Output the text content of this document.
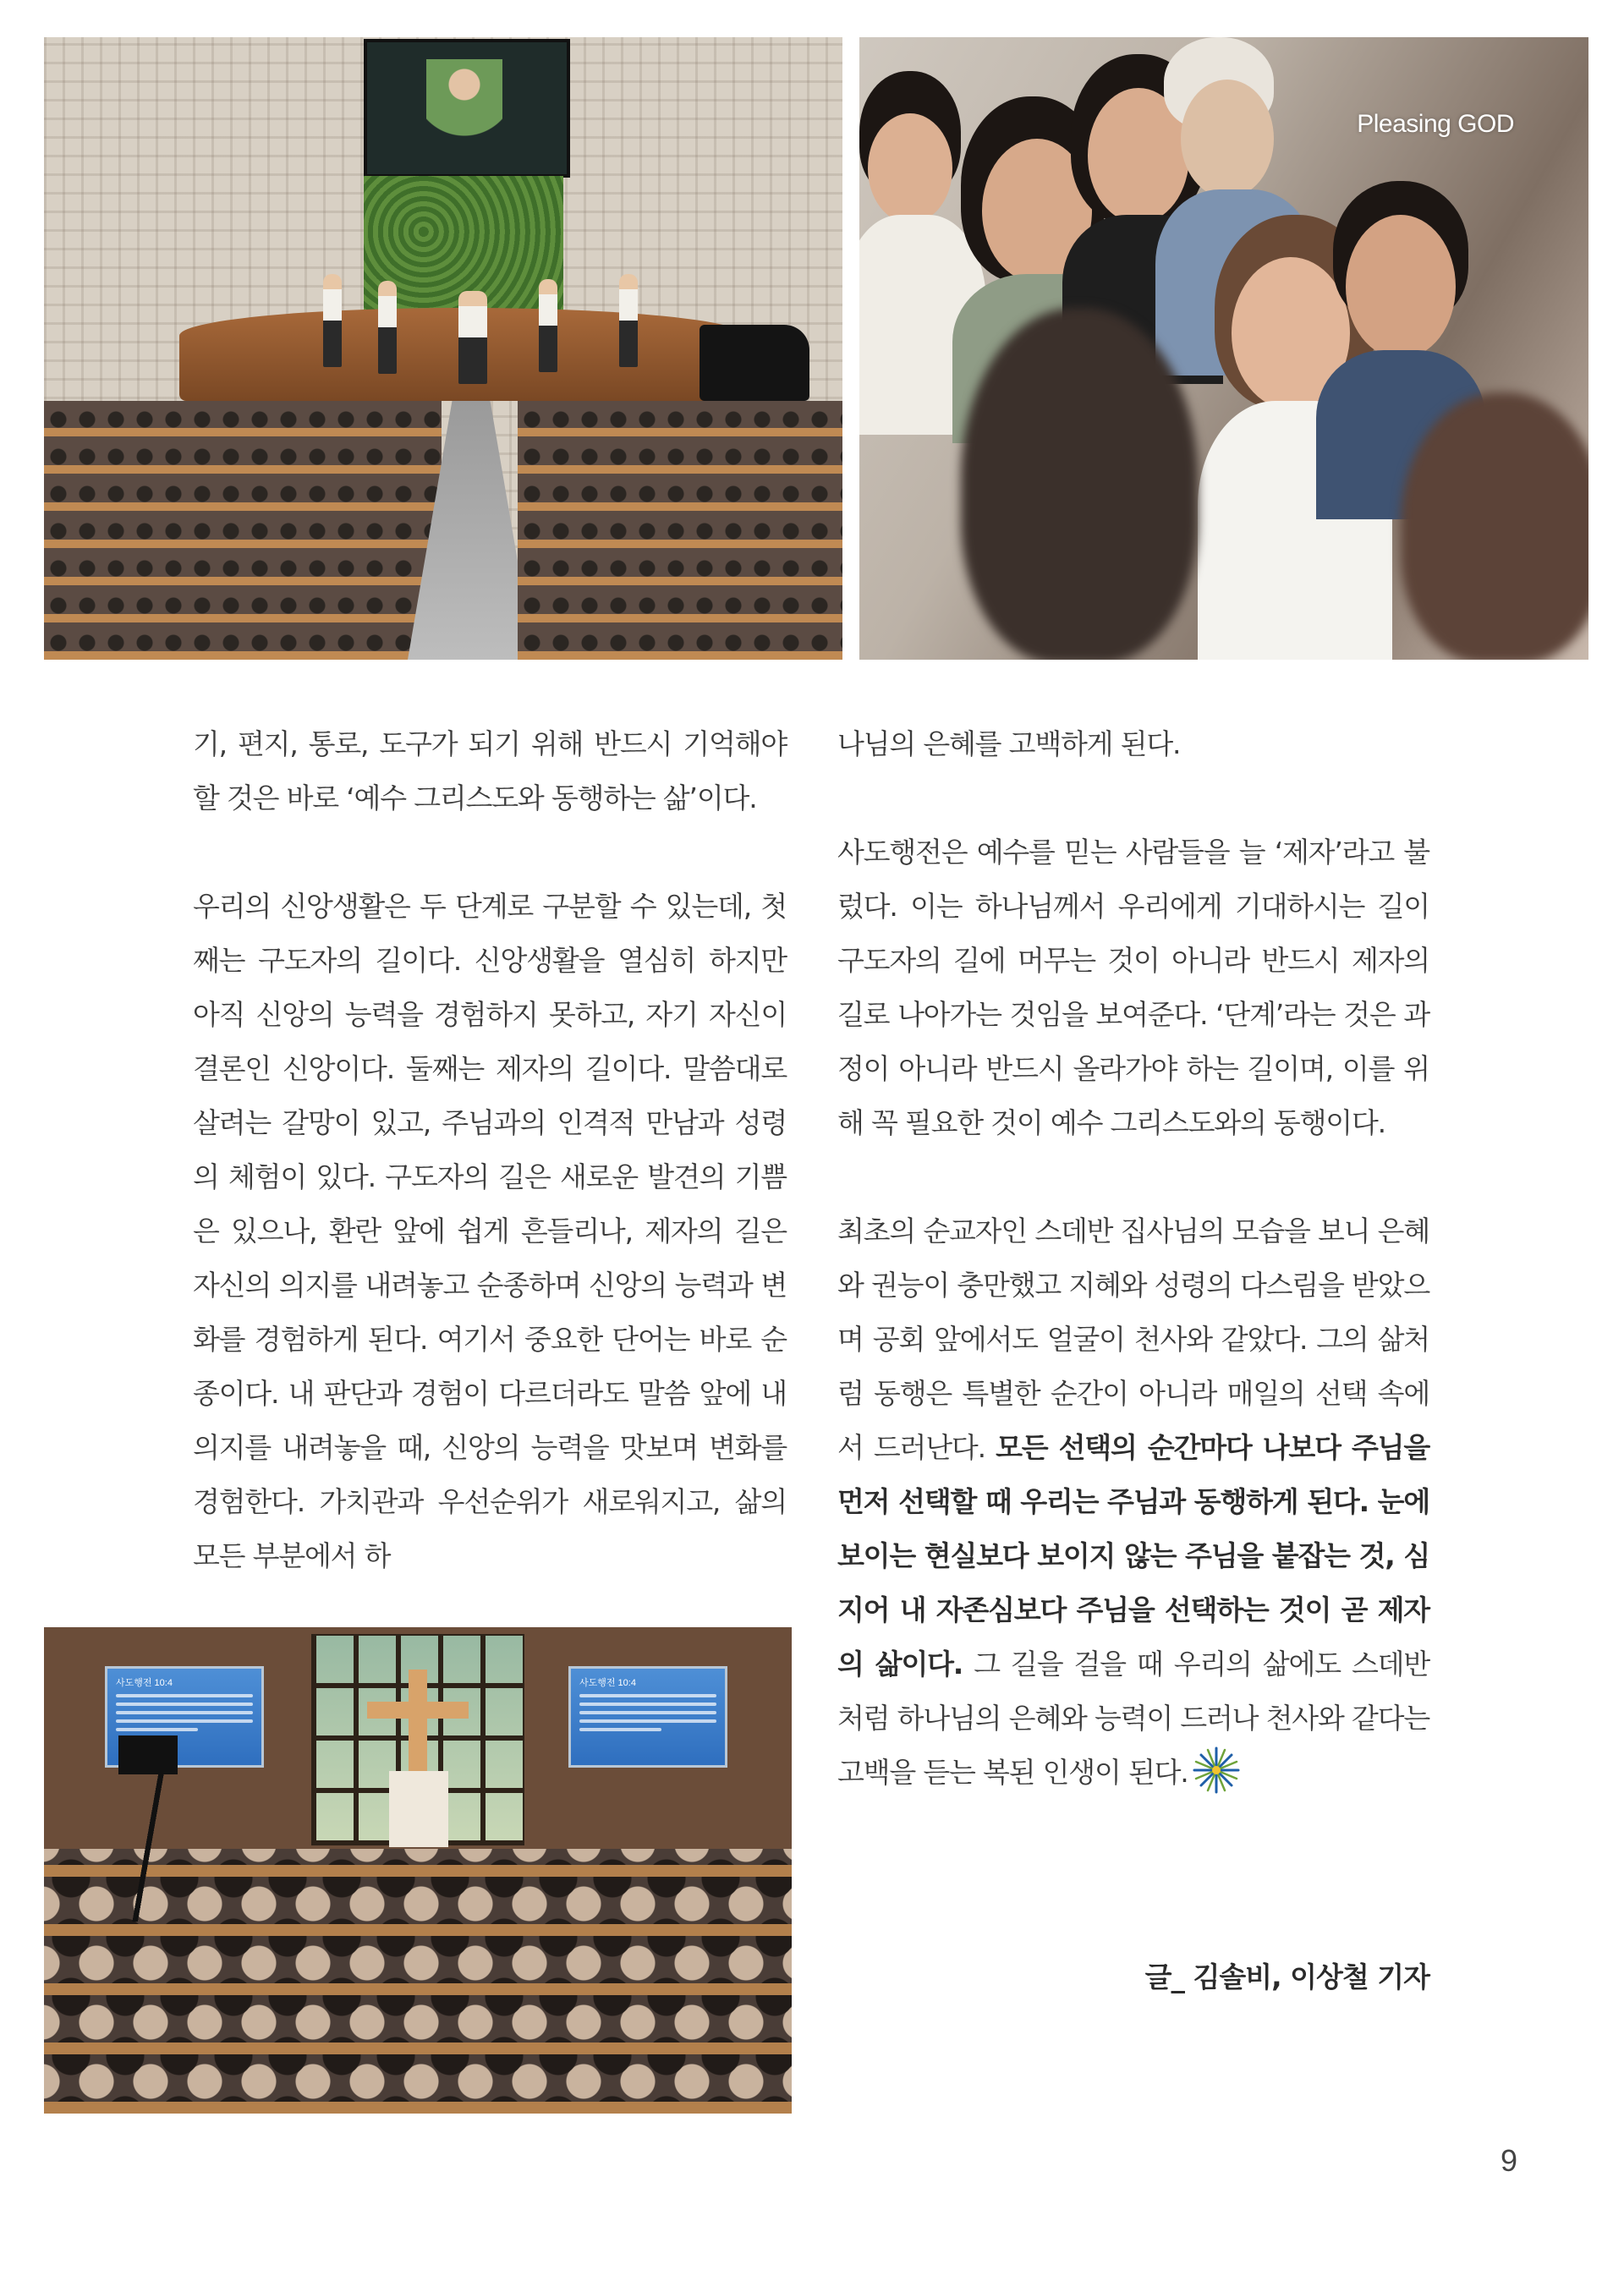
Pleasing GOD

기, 편지, 통로, 도구가 되기 위해 반드시 기억해야 할 것은 바로 ‘예수 그리스도와 동행하는 삶’이다.

우리의 신앙생활은 두 단계로 구분할 수 있는데, 첫째는 구도자의 길이다. 신앙생활을 열심히 하지만 아직 신앙의 능력을 경험하지 못하고, 자기 자신이 결론인 신앙이다. 둘째는 제자의 길이다. 말씀대로 살려는 갈망이 있고, 주님과의 인격적 만남과 성령의 체험이 있다. 구도자의 길은 새로운 발견의 기쁨은 있으나, 환란 앞에 쉽게 흔들리나, 제자의 길은 자신의 의지를 내려놓고 순종하며 신앙의 능력과 변화를 경험하게 된다. 여기서 중요한 단어는 바로 순종이다. 내 판단과 경험이 다르더라도 말씀 앞에 내 의지를 내려놓을 때, 신앙의 능력을 맛보며 변화를 경험한다. 가치관과 우선순위가 새로워지고, 삶의 모든 부분에서 하

나님의 은혜를 고백하게 된다.

사도행전은 예수를 믿는 사람들을 늘 ‘제자’라고 불렀다. 이는 하나님께서 우리에게 기대하시는 길이 구도자의 길에 머무는 것이 아니라 반드시 제자의 길로 나아가는 것임을 보여준다. ‘단계’라는 것은 과정이 아니라 반드시 올라가야 하는 길이며, 이를 위해 꼭 필요한 것이 예수 그리스도와의 동행이다.

최초의 순교자인 스데반 집사님의 모습을 보니 은혜와 권능이 충만했고 지혜와 성령의 다스림을 받았으며 공회 앞에서도 얼굴이 천사와 같았다. 그의 삶처럼 동행은 특별한 순간이 아니라 매일의 선택 속에서 드러난다. 모든 선택의 순간마다 나보다 주님을 먼저 선택할 때 우리는 주님과 동행하게 된다. 눈에 보이는 현실보다 보이지 않는 주님을 붙잡는 것, 심지어 내 자존심보다 주님을 선택하는 것이 곧 제자의 삶이다. 그 길을 걸을 때 우리의 삶에도 스데반처럼 하나님의 은혜와 능력이 드러나 천사와 같다는 고백을 듣는 복된 인생이 된다.

글_ 김솔비, 이상철 기자
사도행전 10:4	사도행전 10:4
9
